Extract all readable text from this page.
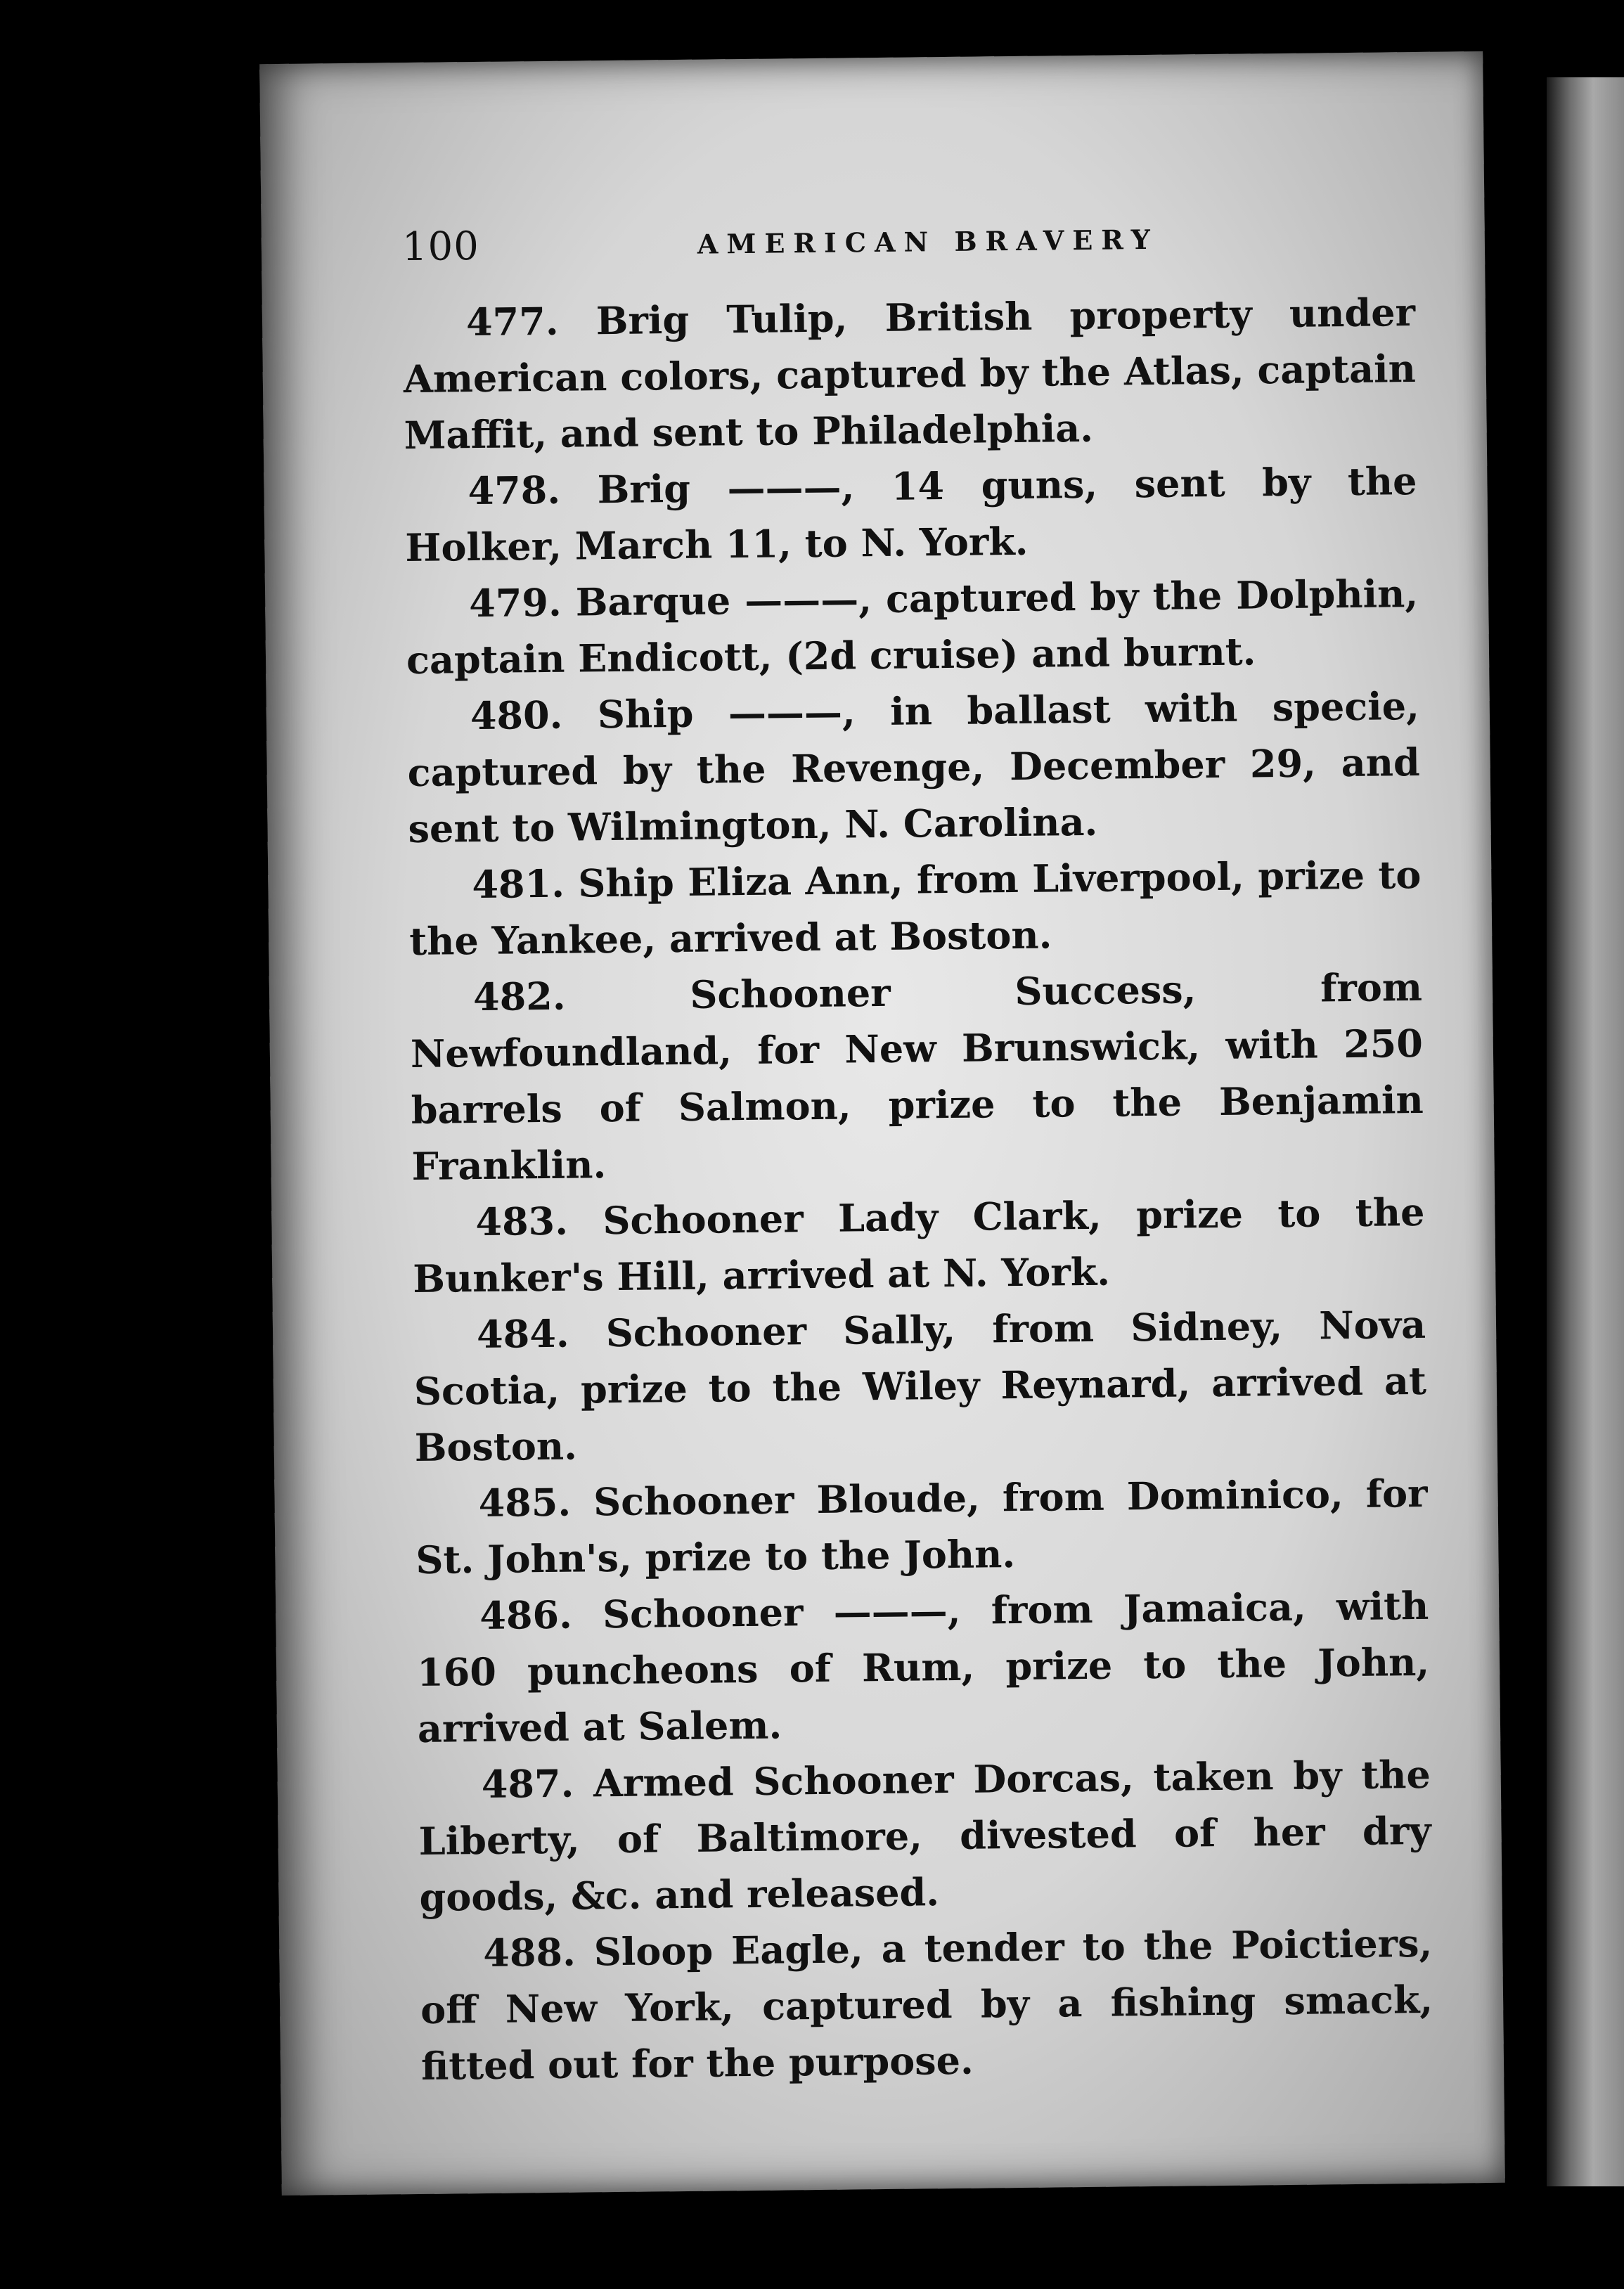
100	AMERICAN BRAVERY

477. Brig Tulip, British property under American colors, captured by the Atlas, captain Maffit, and sent to Philadelphia.

478. Brig ———, 14 guns, sent by the Holker, March 11, to N. York.

479. Barque ———, captured by the Dolphin, captain Endicott, (2d cruise) and burnt.

480. Ship ———, in ballast with specie, captured by the Revenge, December 29, and sent to Wilmington, N. Carolina.

481. Ship Eliza Ann, from Liverpool, prize to the Yankee, arrived at Boston.

482. Schooner Success, from Newfoundland, for New Brunswick, with 250 barrels of Salmon, prize to the Benjamin Franklin.

483. Schooner Lady Clark, prize to the Bunker's Hill, arrived at N. York.

484. Schooner Sally, from Sidney, Nova Scotia, prize to the Wiley Reynard, arrived at Boston.

485. Schooner Bloude, from Dominico, for St. John's, prize to the John.

486. Schooner ———, from Jamaica, with 160 puncheons of Rum, prize to the John, arrived at Salem.

487. Armed Schooner Dorcas, taken by the Liberty, of Baltimore, divested of her dry goods, &c. and released.

488. Sloop Eagle, a tender to the Poictiers, off New York, captured by a fishing smack, fitted out for the purpose.
